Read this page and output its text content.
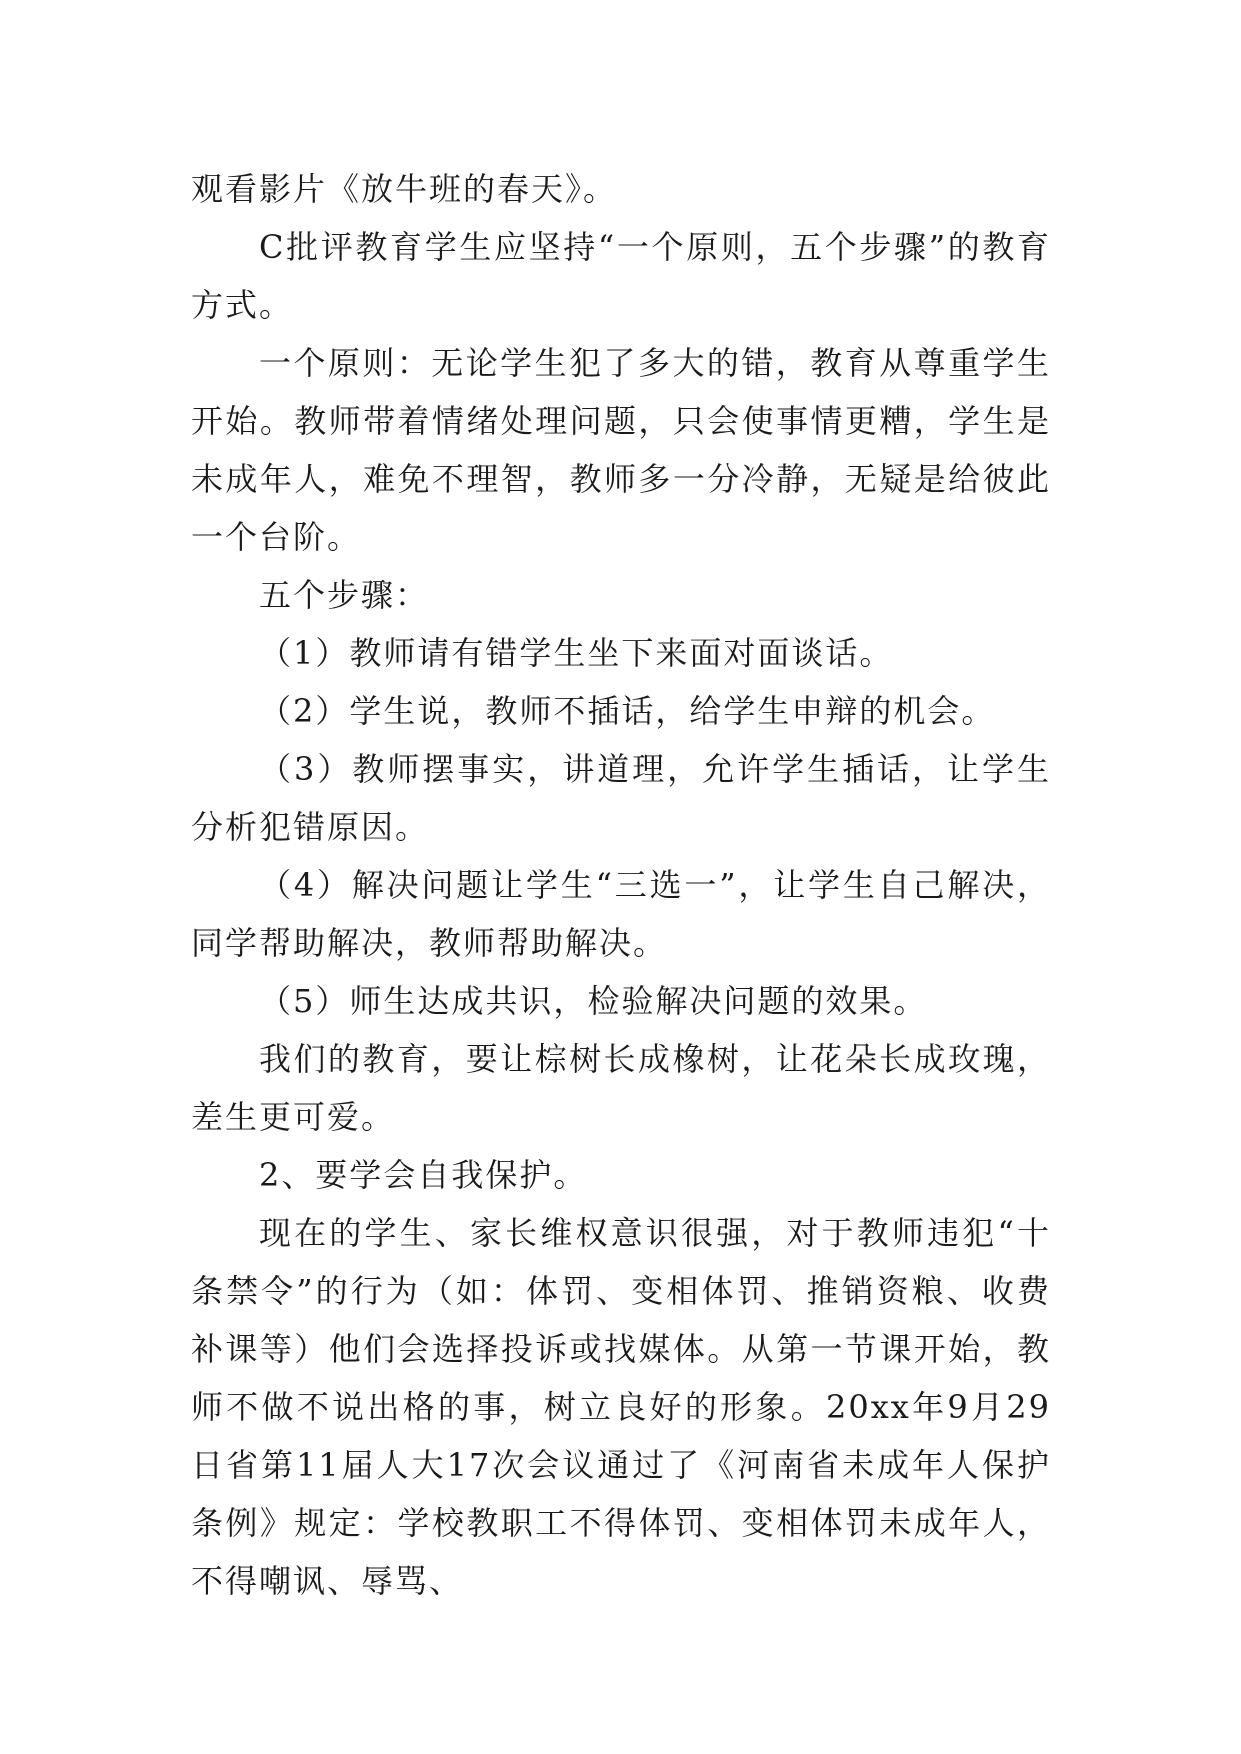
观看影片《放牛班的春天》。

C批评教育学生应坚持“一个原则，五个步骤”的教育方式。

一个原则：无论学生犯了多大的错，教育从尊重学生开始。教师带着情绪处理问题，只会使事情更糟，学生是未成年人，难免不理智，教师多一分冷静，无疑是给彼此一个台阶。

五个步骤：

（1）教师请有错学生坐下来面对面谈话。

（2）学生说，教师不插话，给学生申辩的机会。

（3）教师摆事实，讲道理，允许学生插话，让学生分析犯错原因。

（4）解决问题让学生“三选一”，让学生自己解决，同学帮助解决，教师帮助解决。

（5）师生达成共识，检验解决问题的效果。

我们的教育，要让棕树长成橡树，让花朵长成玫瑰，差生更可爱。

2、要学会自我保护。

现在的学生、家长维权意识很强，对于教师违犯“十条禁令”的行为（如：体罚、变相体罚、推销资粮、收费补课等）他们会选择投诉或找媒体。从第一节课开始，教师不做不说出格的事，树立良好的形象。20xx年9月29日省第11届人大17次会议通过了《河南省未成年人保护条例》规定：学校教职工不得体罚、变相体罚未成年人，不得嘲讽、辱骂、
